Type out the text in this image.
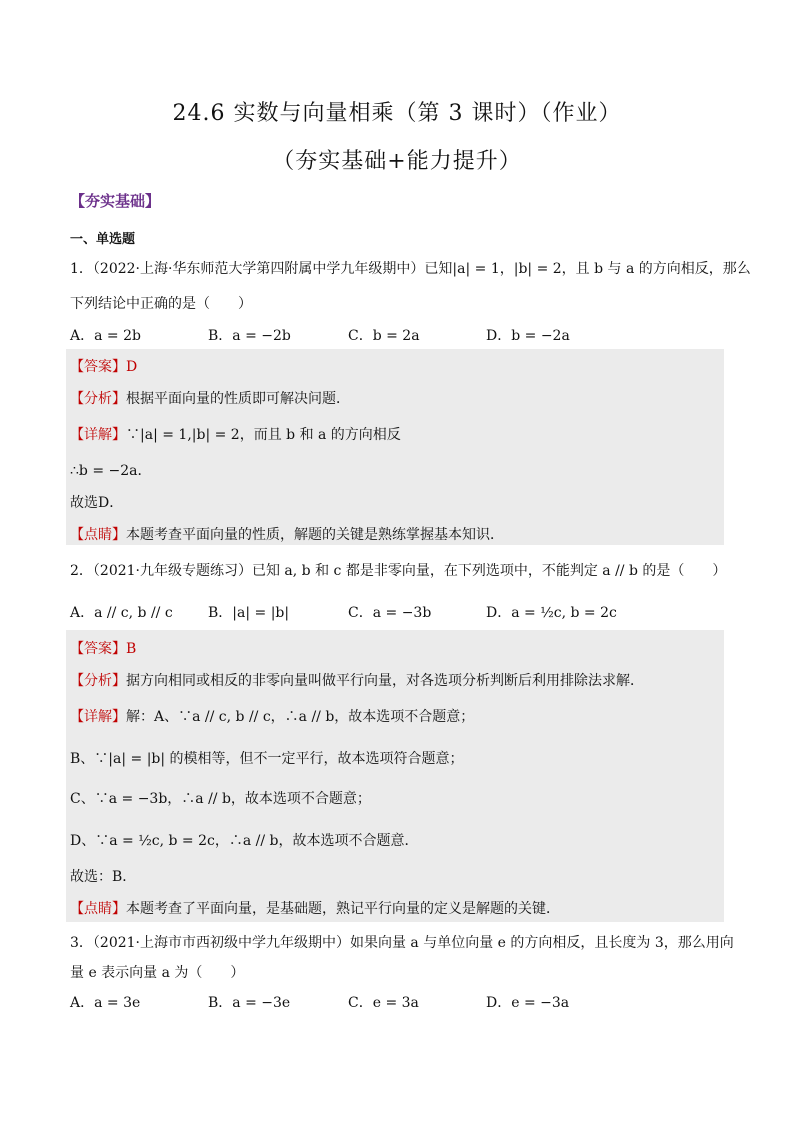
24.6 实数与向量相乘（第 3 课时）（作业）
（夯实基础+能力提升）
【夯实基础】
一、单选题
1．（2022·上海·华东师范大学第四附属中学九年级期中）已知|a| = 1，|b| = 2，且 b 与 a 的方向相反，那么
下列结论中正确的是（　　）
A．a = 2b	B．a = −2b	C．b = 2a	D．b = −2a
【答案】D
【分析】根据平面向量的性质即可解决问题．
【详解】∵|a| = 1,|b| = 2，而且 b 和 a 的方向相反
∴b = −2a．
故选D．
【点睛】本题考查平面向量的性质，解题的关键是熟练掌握基本知识．
2．（2021·九年级专题练习）已知 a, b 和 c 都是非零向量，在下列选项中，不能判定 a // b 的是（　　）
A．a // c, b // c	B．|a| = |b|	C．a = −3b	D．a = ½c, b = 2c
【答案】B
【分析】据方向相同或相反的非零向量叫做平行向量，对各选项分析判断后利用排除法求解．
【详解】解：A、∵a // c, b // c，∴a // b，故本选项不合题意；
B、∵|a| = |b| 的模相等，但不一定平行，故本选项符合题意；
C、∵a = −3b，∴a // b，故本选项不合题意；
D、∵a = ½c, b = 2c，∴a // b，故本选项不合题意．
故选：B．
【点睛】本题考查了平面向量，是基础题，熟记平行向量的定义是解题的关键．
3．（2021·上海市市西初级中学九年级期中）如果向量 a 与单位向量 e 的方向相反，且长度为 3，那么用向
量 e 表示向量 a 为（　　）
A．a = 3e	B．a = −3e	C．e = 3a	D．e = −3a
